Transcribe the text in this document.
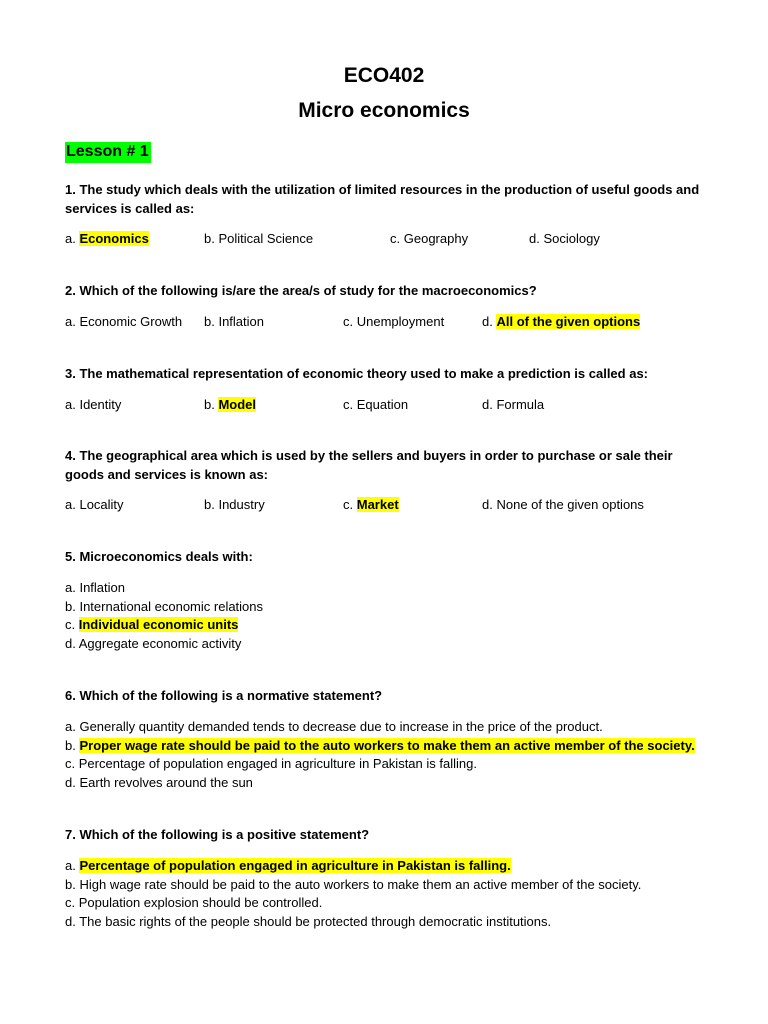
ECO402
Micro economics
Lesson # 1
1. The study which deals with the utilization of limited resources in the production of useful goods and services is called as:
a. Economics	b. Political Science	c. Geography	d. Sociology
2. Which of the following is/are the area/s of study for the macroeconomics?
a. Economic Growth b. Inflation	c. Unemployment	d. All of the given options
3. The mathematical representation of economic theory used to make a prediction is called as:
a. Identity	b. Model	c. Equation	d. Formula
4. The geographical area which is used by the sellers and buyers in order to purchase or sale their goods and services is known as:
a. Locality	b. Industry	c. Market	d. None of the given options
5. Microeconomics deals with:
a. Inflation
b. International economic relations
c. Individual economic units
d. Aggregate economic activity
6. Which of the following is a normative statement?
a. Generally quantity demanded tends to decrease due to increase in the price of the product.
b. Proper wage rate should be paid to the auto workers to make them an active member of the society.
c. Percentage of population engaged in agriculture in Pakistan is falling.
d. Earth revolves around the sun
7. Which of the following is a positive statement?
a. Percentage of population engaged in agriculture in Pakistan is falling.
b. High wage rate should be paid to the auto workers to make them an active member of the society.
c. Population explosion should be controlled.
d. The basic rights of the people should be protected through democratic institutions.
